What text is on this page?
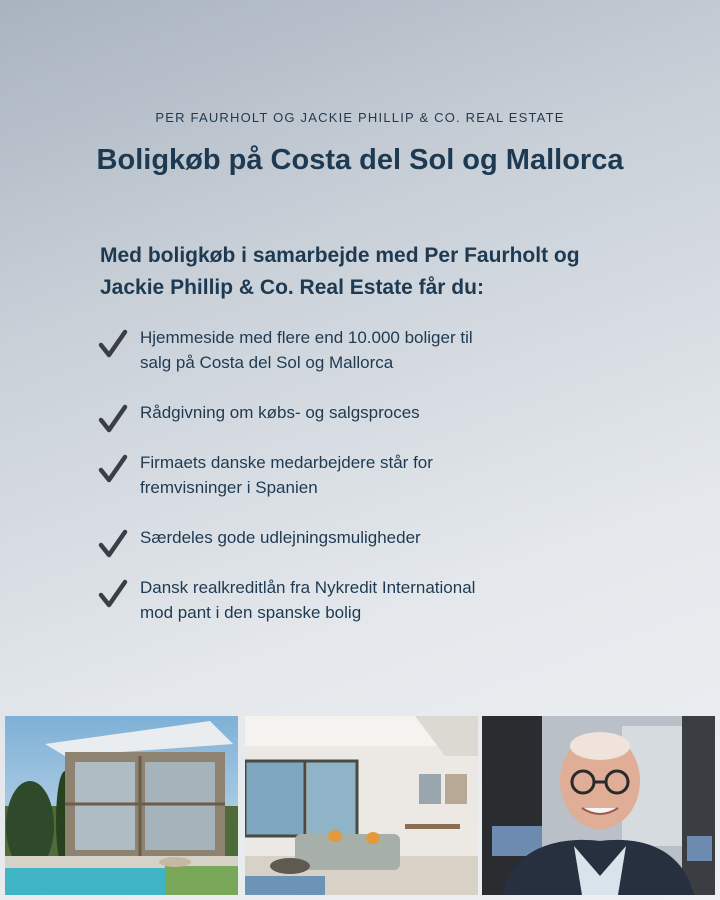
PER FAURHOLT OG JACKIE PHILLIP & CO. REAL ESTATE
Boligkøb på Costa del Sol og Mallorca

Med boligkøb i samarbejde med Per Faurholt og
Jackie Phillip & Co. Real Estate får du:

Hjemmeside med flere end 10.000 boliger til
salg på Costa del Sol og Mallorca
Rådgivning om købs- og salgsproces
Firmaets danske medarbejdere står for
fremvisninger i Spanien
Særdeles gode udlejningsmuligheder
Dansk realkreditlån fra Nykredit International
mod pant i den spanske bolig
